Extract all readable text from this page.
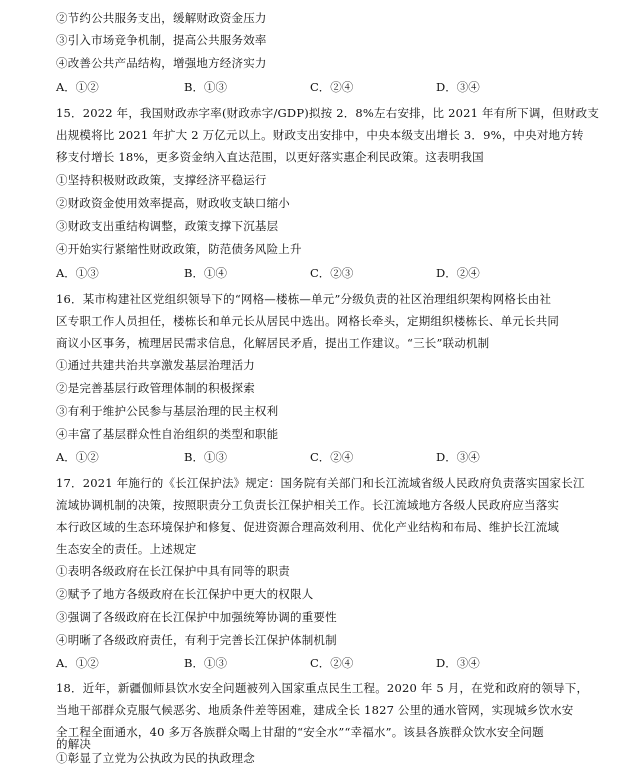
②节约公共服务支出，缓解财政资金压力
③引入市场竞争机制，提高公共服务效率
④改善公共产品结构，增强地方经济实力
A．①②	B．①③	C．②④	D．③④
15．2022 年，我国财政赤字率(财政赤字/GDP)拟按 2．8%左右安排，比 2021 年有所下调，但财政支
出规模将比 2021 年扩大 2 万亿元以上。财政支出安排中，中央本级支出增长 3．9%，中央对地方转
移支付增长 18%，更多资金纳入直达范围，以更好落实惠企利民政策。这表明我国
①坚持积极财政政策，支撑经济平稳运行
②财政资金使用效率提高，财政收支缺口缩小
③财政支出重结构调整，政策支撑下沉基层
④开始实行紧缩性财政政策，防范债务风险上升
A．①③	B．①④	C．②③	D．②④
16．某市构建社区党组织领导下的“网格—楼栋—单元”分级负责的社区治理组织架构网格长由社
区专职工作人员担任，楼栋长和单元长从居民中选出。网格长牵头，定期组织楼栋长、单元长共同
商议小区事务，梳理居民需求信息，化解居民矛盾，提出工作建议。“三长”联动机制
①通过共建共治共享激发基层治理活力
②是完善基层行政管理体制的积极探索
③有利于维护公民参与基层治理的民主权利
④丰富了基层群众性自治组织的类型和职能
A．①②	B．①③	C．②④	D．③④
17．2021 年施行的《长江保护法》规定：国务院有关部门和长江流域省级人民政府负责落实国家长江
流域协调机制的决策，按照职责分工负责长江保护相关工作。长江流域地方各级人民政府应当落实
本行政区域的生态环境保护和修复、促进资源合理高效利用、优化产业结构和布局、维护长江流域
生态安全的责任。上述规定
①表明各级政府在长江保护中具有同等的职责
②赋予了地方各级政府在长江保护中更大的权限人
③强调了各级政府在长江保护中加强统筹协调的重要性
④明晰了各级政府责任，有利于完善长江保护体制机制
A．①②	B．①③	C．②④	D．③④
18．近年，新疆伽师县饮水安全问题被列入国家重点民生工程。2020 年 5 月，在党和政府的领导下，
当地干部群众克服气候恶劣、地质条件差等困难，建成全长 1827 公里的通水管网，实现城乡饮水安
全工程全面通水，40 多万各族群众喝上甘甜的“安全水”“幸福水”。该县各族群众饮水安全问题
的解决
①彰显了立党为公执政为民的执政理念
